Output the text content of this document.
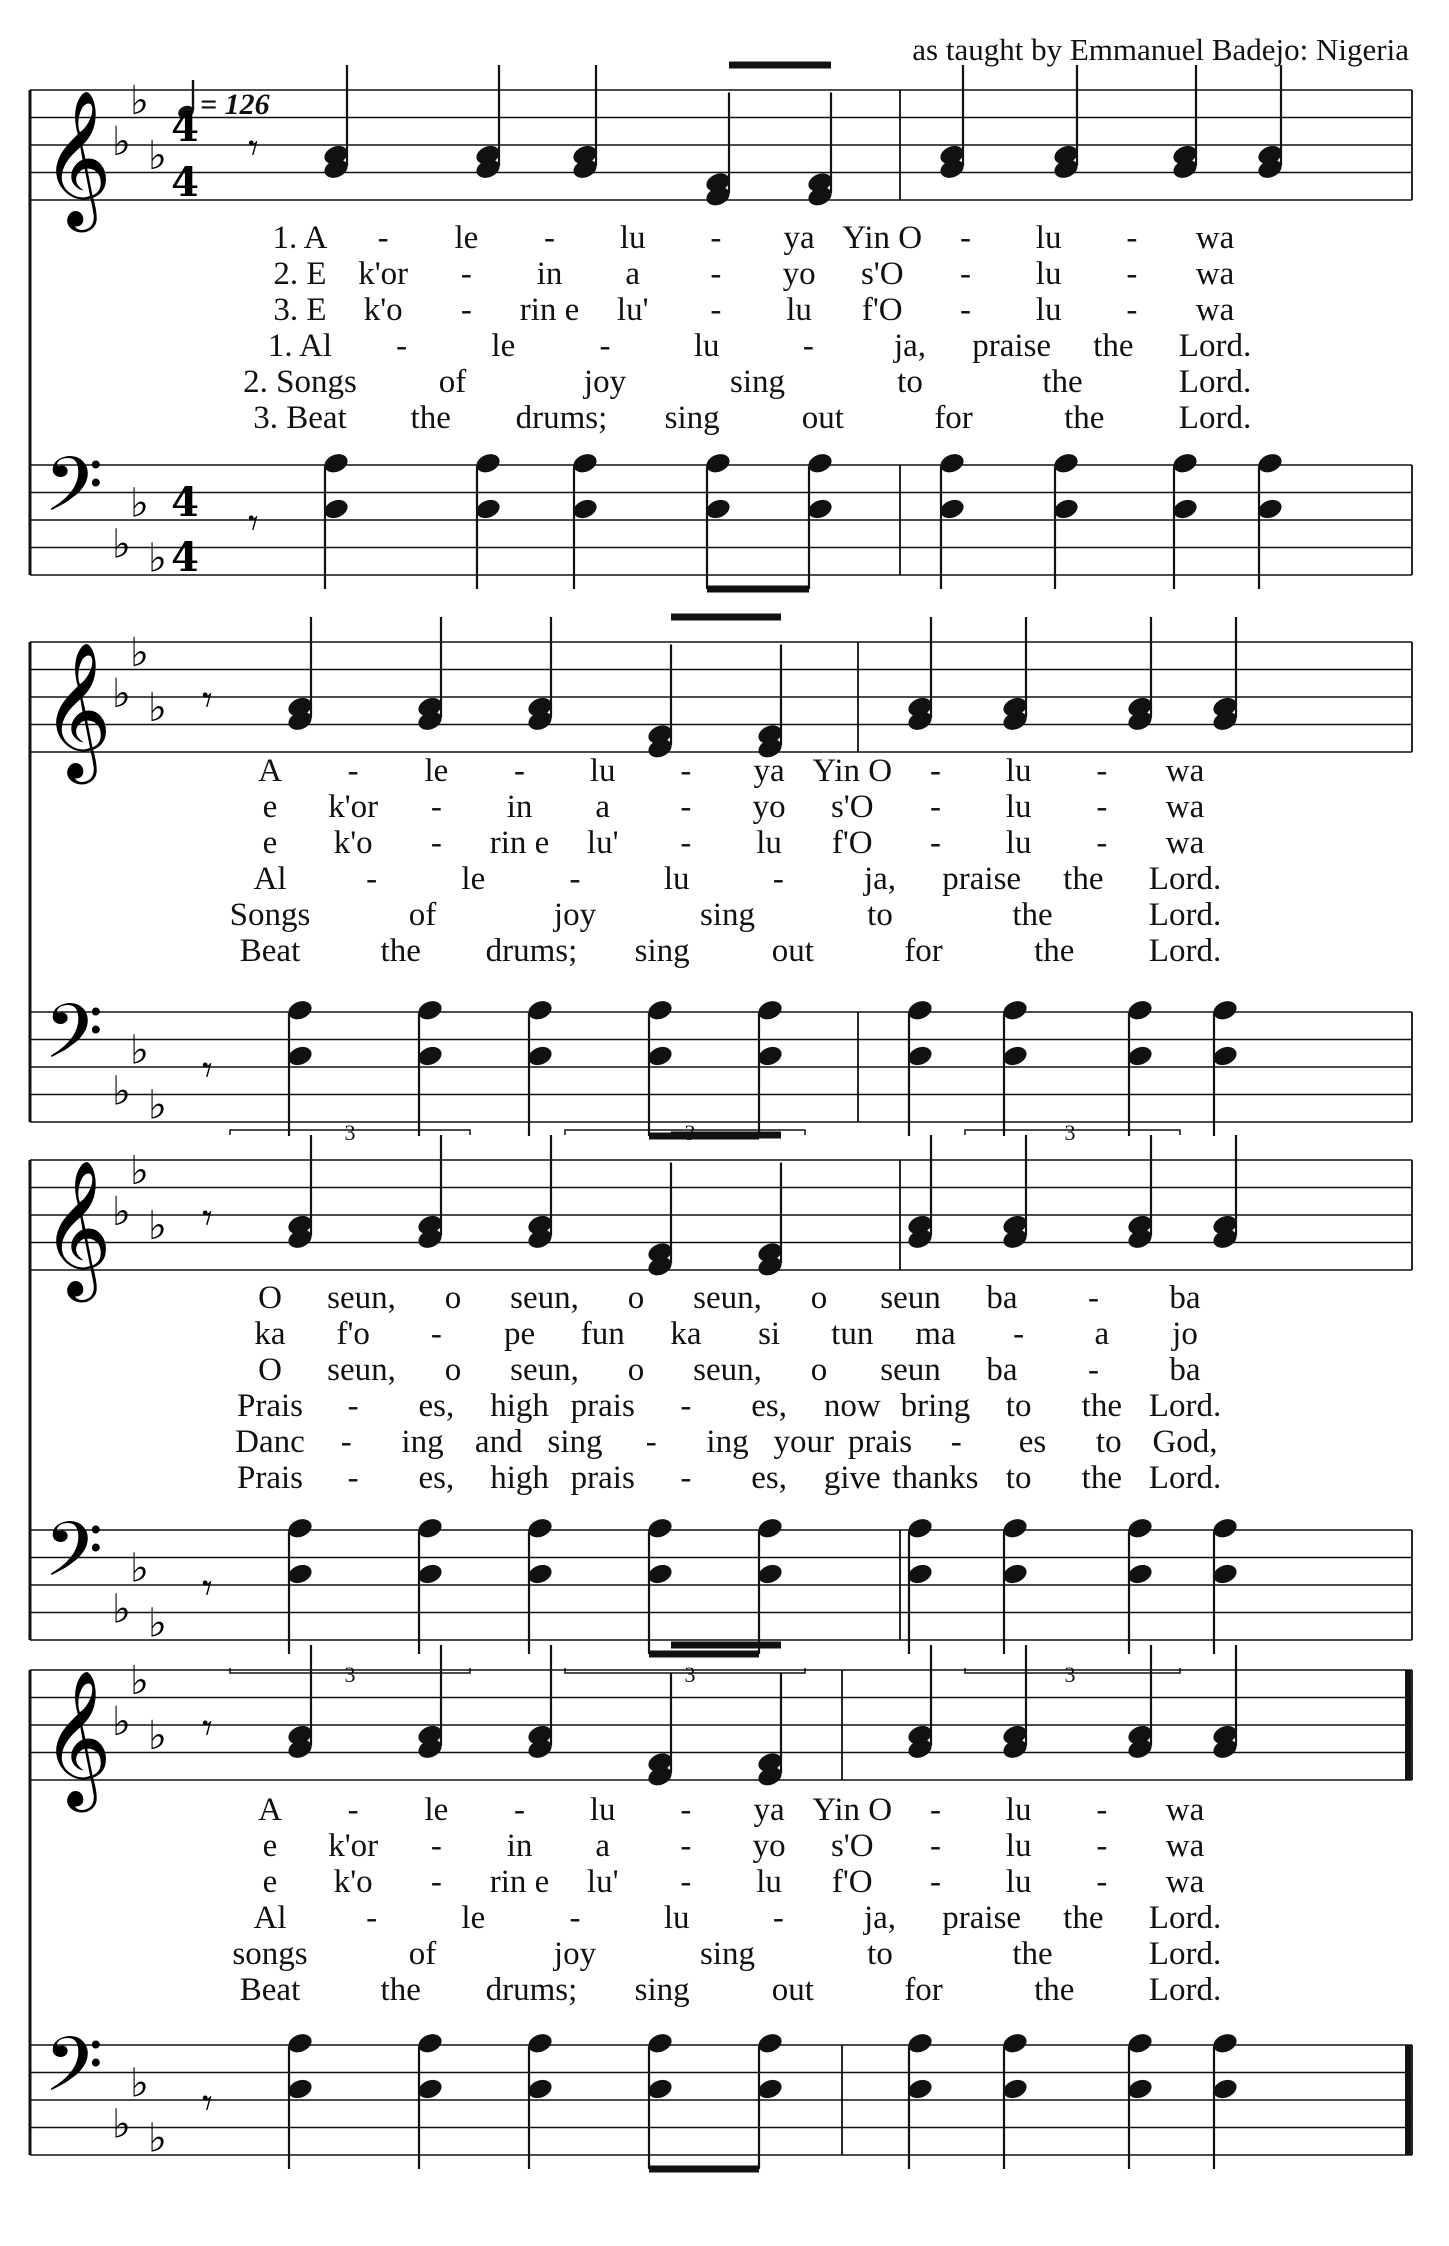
as taught by Emmanuel Badejo: Nigeria
= 126
𝄞
𝄢
♭
♭
♭
♭
♭
♭
4
4
4
4
𝄾
𝄾
𝄞
𝄢
♭
♭
♭
♭
♭
♭
𝄾
𝄾
𝄞
𝄢
♭
♭
♭
♭
♭
♭
𝄾
𝄾
𝄞
𝄢
♭
♭
♭
♭
♭
♭
𝄾
𝄾
1. A - le - lu - ya Yin O - lu - wa
2. E k'or - in a - yo s'O - lu - wa
3. E k'o - rin e lu' - lu f'O - lu - wa
1. Al -	le	-	lu	- ja, praise the Lord.
2. Songs of	joy	sing	to	the	Lord.
3. Beat the drums; sing out	for	the Lord.
A - le - lu - ya Yin O - lu - wa
e k'or - in a - yo s'O - lu - wa
e k'o - rin e lu' - lu f'O - lu - wa
Al -	le	-	lu	- ja, praise the Lord.
Songs	of	joy	sing	to	the	Lord.
Beat the drums; sing out	for	the Lord.
3	3	3
3	3	3
O seun, o seun, o seun, o seun ba - ba
ka f'o - pe fun ka si tun ma - a jo
O seun, o seun, o seun, o seun ba - ba
Prais - es, high prais - es, now bring to the Lord.
Danc - ing and sing - ing your prais - es to God,
Prais - es, high prais - es, give thanks to the Lord.
A - le - lu - ya Yin O - lu - wa
e k'or - in a - yo s'O - lu - wa
e k'o - rin e lu' - lu f'O - lu - wa
Al -	le	-	lu	- ja, praise the Lord.
songs	of	joy	sing	to	the	Lord.
Beat the drums; sing out	for	the Lord.
